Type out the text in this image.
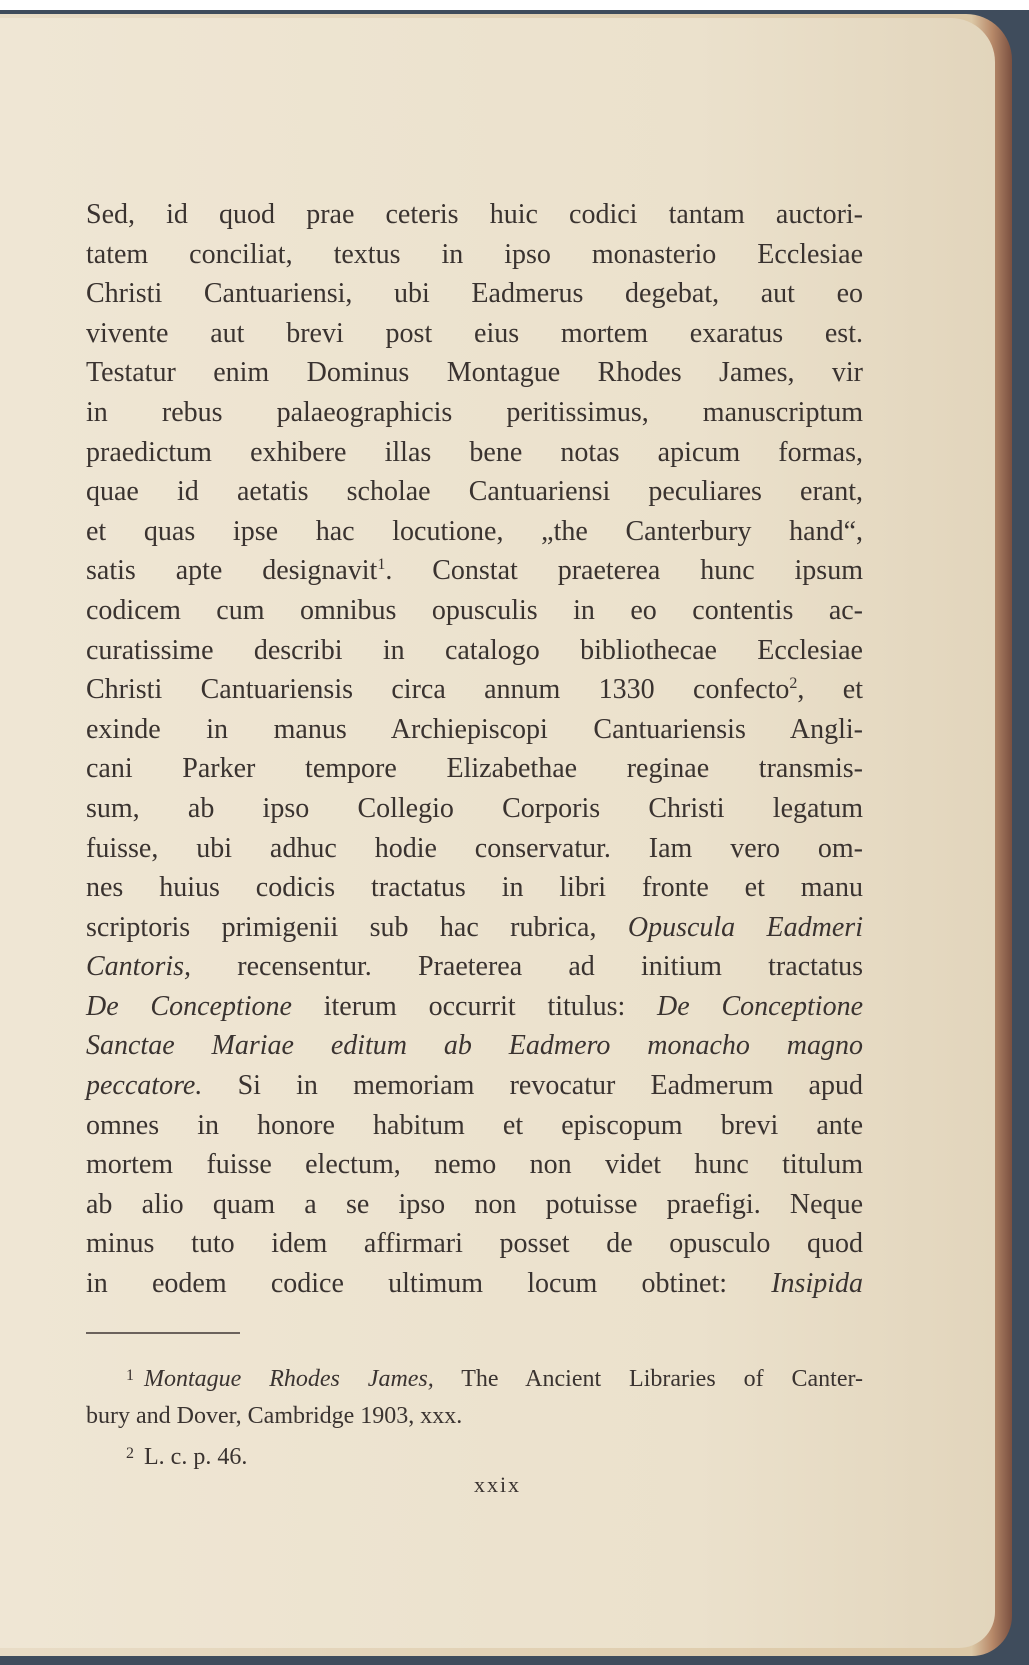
Sed, id quod prae ceteris huic codici tantam auctori-
tatem conciliat, textus in ipso monasterio Ecclesiae
Christi Cantuariensi, ubi Eadmerus degebat, aut eo
vivente aut brevi post eius mortem exaratus est.
Testatur enim Dominus Montague Rhodes James, vir
in rebus palaeographicis peritissimus, manuscriptum
praedictum exhibere illas bene notas apicum formas,
quae id aetatis scholae Cantuariensi peculiares erant,
et quas ipse hac locutione, „the Canterbury hand“,
satis apte designavit$^1$. Constat praeterea hunc ipsum
codicem cum omnibus opusculis in eo contentis ac-
curatissime describi in catalogo bibliothecae Ecclesiae
Christi Cantuariensis circa annum 1330 confecto$^2$, et
exinde in manus Archiepiscopi Cantuariensis Angli-
cani Parker tempore Elizabethae reginae transmis-
sum, ab ipso Collegio Corporis Christi legatum
fuisse, ubi adhuc hodie conservatur. Iam vero om-
nes huius codicis tractatus in libri fronte et manu
scriptoris primigenii sub hac rubrica, Opuscula Eadmeri
Cantoris, recensentur. Praeterea ad initium tractatus
De Conceptione iterum occurrit titulus: De Conceptione
Sanctae Mariae editum ab Eadmero monacho magno
peccatore. Si in memoriam revocatur Eadmerum apud
omnes in honore habitum et episcopum brevi ante
mortem fuisse electum, nemo non videt hunc titulum
ab alio quam a se ipso non potuisse praefigi. Neque
minus tuto idem affirmari posset de opusculo quod
in eodem codice ultimum locum obtinet: Insipida
$^1$ Montague Rhodes James, The Ancient Libraries of Canter-
bury and Dover, Cambridge 1903, xxx.
$^2$ L. c. p. 46.
xxix
